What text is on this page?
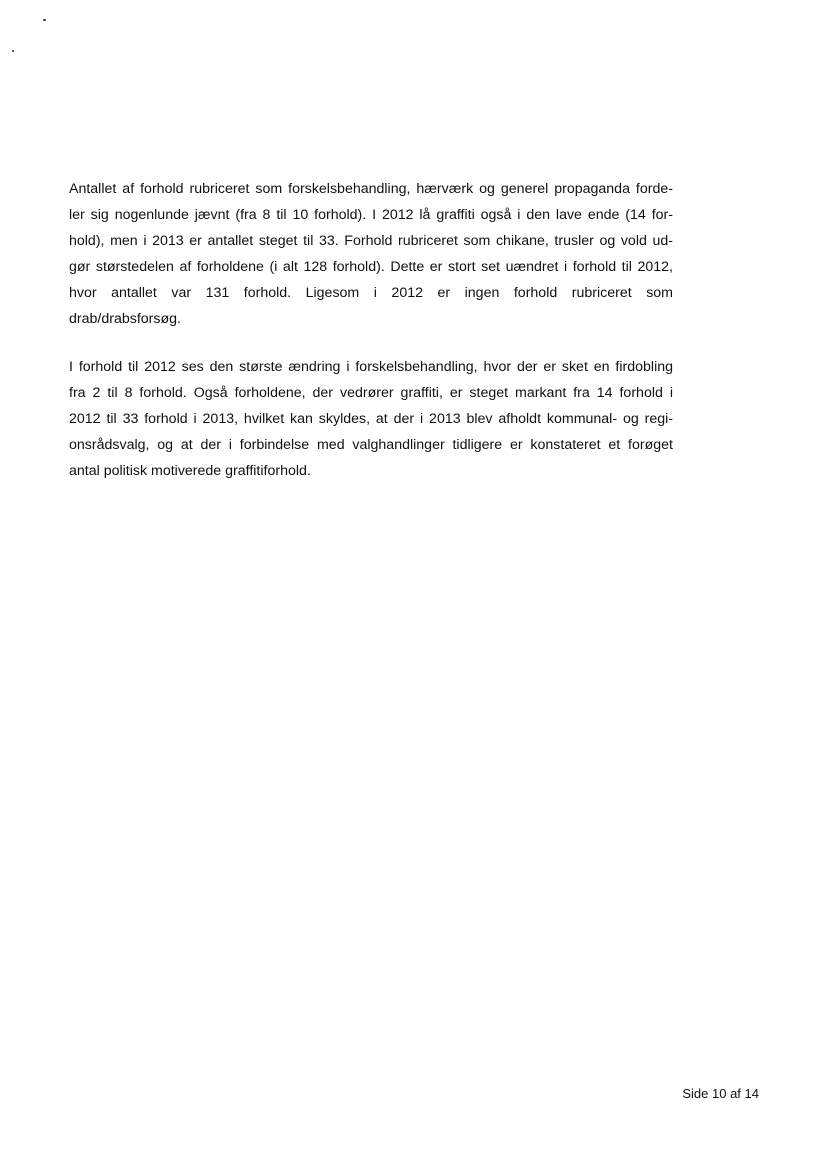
Antallet af forhold rubriceret som forskelsbehandling, hærværk og generel propaganda forde-
ler sig nogenlunde jævnt (fra 8 til 10 forhold). I 2012 lå graffiti også i den lave ende (14 for-
hold), men i 2013 er antallet steget til 33. Forhold rubriceret som chikane, trusler og vold ud-
gør størstedelen af forholdene (i alt 128 forhold). Dette er stort set uændret i forhold til 2012,
hvor antallet var 131 forhold. Ligesom i 2012 er ingen forhold rubriceret som
drab/drabsforsøg.
I forhold til 2012 ses den største ændring i forskelsbehandling, hvor der er sket en firdobling
fra 2 til 8 forhold. Også forholdene, der vedrører graffiti, er steget markant fra 14 forhold i
2012 til 33 forhold i 2013, hvilket kan skyldes, at der i 2013 blev afholdt kommunal- og regi-
onsrådsvalg, og at der i forbindelse med valghandlinger tidligere er konstateret et forøget
antal politisk motiverede graffitiforhold.

Side 10 af 14
